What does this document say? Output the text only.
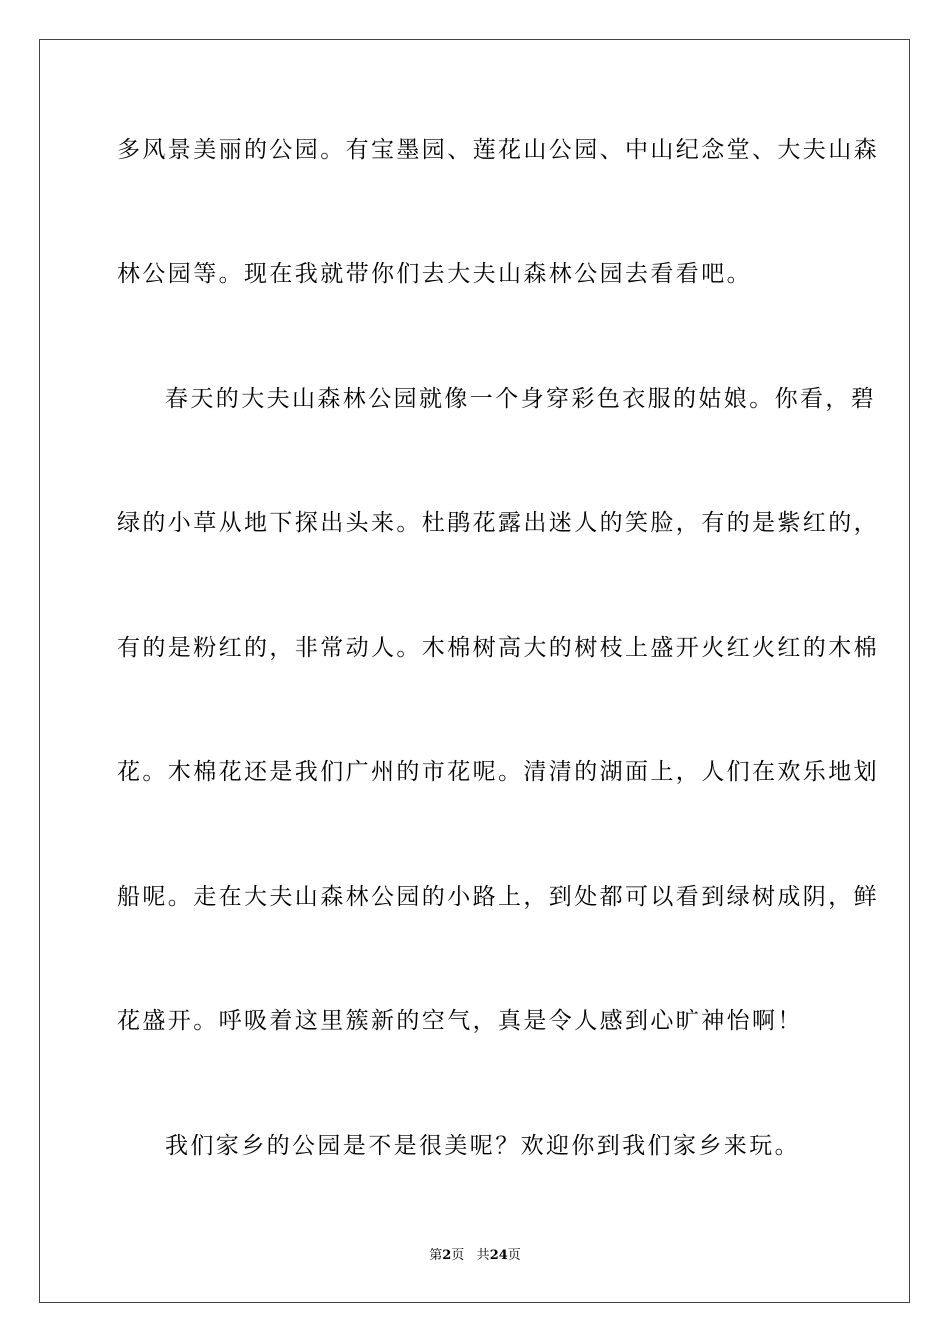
多风景美丽的公园。有宝墨园、莲花山公园、中山纪念堂、大夫山森
林公园等。现在我就带你们去大夫山森林公园去看看吧。
春天的大夫山森林公园就像一个身穿彩色衣服的姑娘。你看，碧
绿的小草从地下探出头来。杜鹃花露出迷人的笑脸，有的是紫红的，
有的是粉红的，非常动人。木棉树高大的树枝上盛开火红火红的木棉
花。木棉花还是我们广州的市花呢。清清的湖面上，人们在欢乐地划
船呢。走在大夫山森林公园的小路上，到处都可以看到绿树成阴，鲜
花盛开。呼吸着这里簇新的空气，真是令人感到心旷神怡啊！
我们家乡的公园是不是很美呢？欢迎你到我们家乡来玩。
第2页 共24页
